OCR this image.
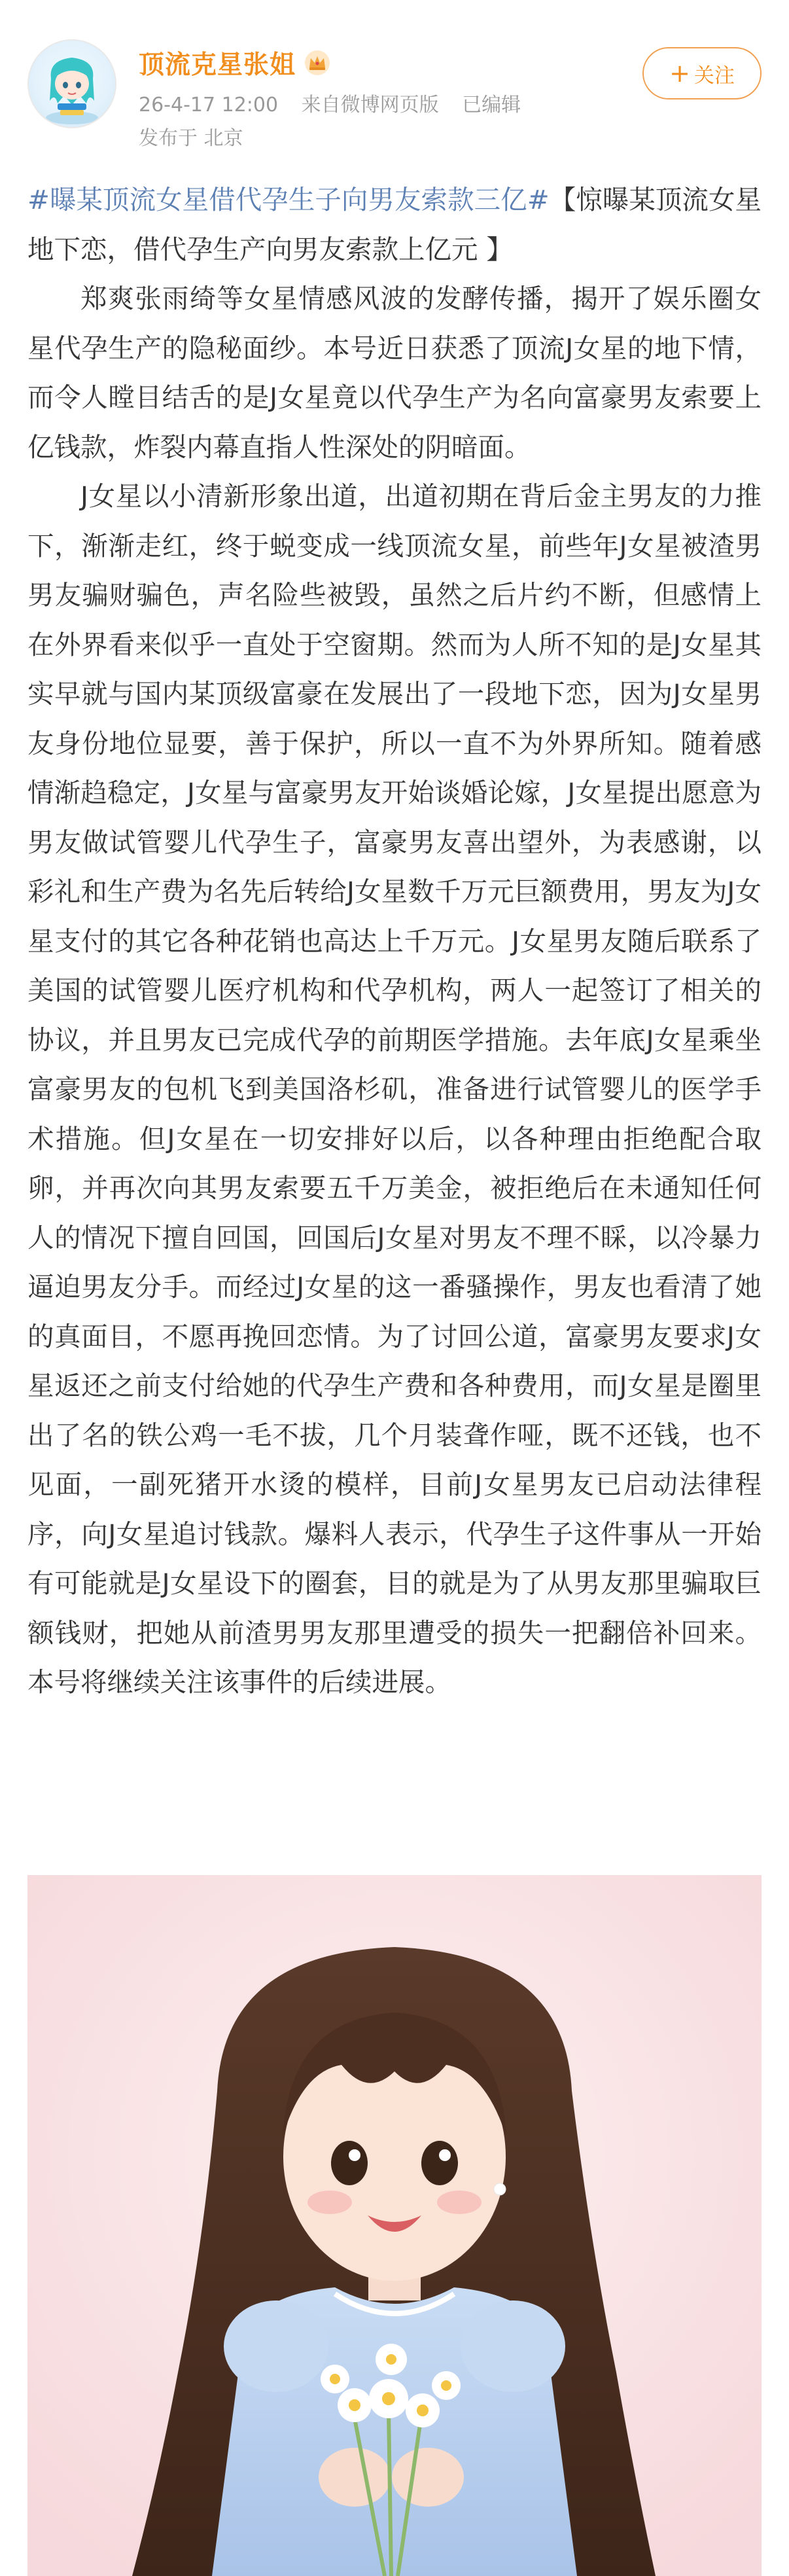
顶流克星张姐
26-4-17 12:00 来自微博网页版 已编辑
发布于 北京
+ 关注

#曝某顶流女星借代孕生子向男友索款三亿#【惊曝某顶流女星地下恋，借代孕生产向男友索款上亿元 】

郑爽张雨绮等女星情感风波的发酵传播，揭开了娱乐圈女星代孕生产的隐秘面纱。本号近日获悉了顶流J女星的地下情，而令人瞠目结舌的是J女星竟以代孕生产为名向富豪男友索要上亿钱款，炸裂内幕直指人性深处的阴暗面。

J女星以小清新形象出道，出道初期在背后金主男友的力推下，渐渐走红，终于蜕变成一线顶流女星，前些年J女星被渣男男友骗财骗色，声名险些被毁，虽然之后片约不断，但感情上在外界看来似乎一直处于空窗期。然而为人所不知的是J女星其实早就与国内某顶级富豪在发展出了一段地下恋，因为J女星男友身份地位显要，善于保护，所以一直不为外界所知。随着感情渐趋稳定，J女星与富豪男友开始谈婚论嫁，J女星提出愿意为男友做试管婴儿代孕生子，富豪男友喜出望外，为表感谢，以彩礼和生产费为名先后转给J女星数千万元巨额费用，男友为J女星支付的其它各种花销也高达上千万元。J女星男友随后联系了美国的试管婴儿医疗机构和代孕机构，两人一起签订了相关的协议，并且男友已完成代孕的前期医学措施。去年底J女星乘坐富豪男友的包机飞到美国洛杉矶，准备进行试管婴儿的医学手术措施。但J女星在一切安排好以后，以各种理由拒绝配合取卵，并再次向其男友索要五千万美金，被拒绝后在未通知任何人的情况下擅自回国，回国后J女星对男友不理不睬，以冷暴力逼迫男友分手。而经过J女星的这一番骚操作，男友也看清了她的真面目，不愿再挽回恋情。为了讨回公道，富豪男友要求J女星返还之前支付给她的代孕生产费和各种费用，而J女星是圈里出了名的铁公鸡一毛不拔，几个月装聋作哑，既不还钱，也不见面，一副死猪开水烫的模样，目前J女星男友已启动法律程序，向J女星追讨钱款。爆料人表示，代孕生子这件事从一开始有可能就是J女星设下的圈套，目的就是为了从男友那里骗取巨额钱财，把她从前渣男男友那里遭受的损失一把翻倍补回来。本号将继续关注该事件的后续进展。
